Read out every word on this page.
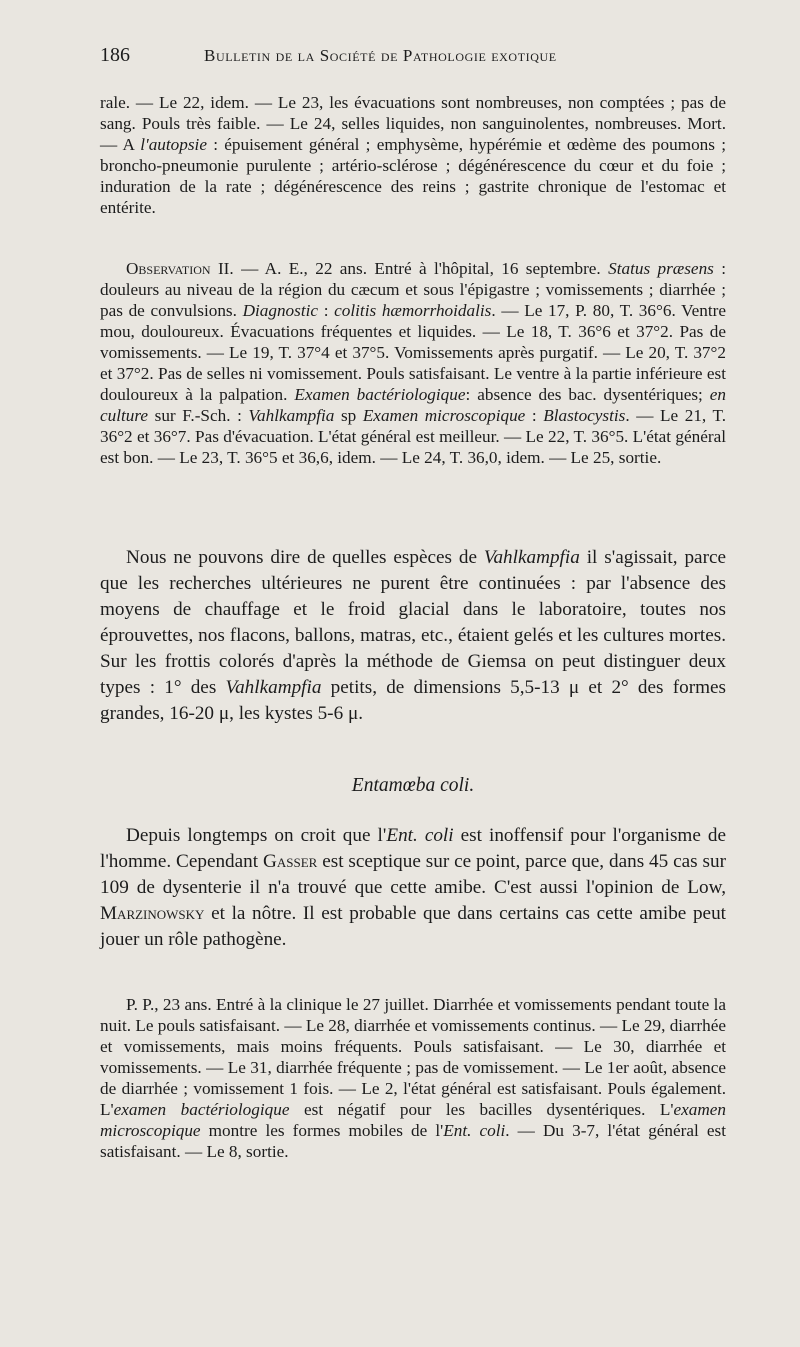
186	Bulletin de la Société de Pathologie exotique

rale. — Le 22, idem. — Le 23, les évacuations sont nombreuses, non comptées ; pas de sang. Pouls très faible. — Le 24, selles liquides, non sanguinolentes, nombreuses. Mort. — A l'autopsie : épuisement général ; emphysème, hypérémie et œdème des poumons ; broncho-pneumonie purulente ; artério-sclérose ; dégénérescence du cœur et du foie ; induration de la rate ; dégénérescence des reins ; gastrite chronique de l'estomac et entérite.

Observation II. — A. E., 22 ans. Entré à l'hôpital, 16 septembre. Status præsens : douleurs au niveau de la région du cæcum et sous l'épigastre ; vomissements ; diarrhée ; pas de convulsions. Diagnostic : colitis hæmorrhoidalis. — Le 17, P. 80, T. 36°6. Ventre mou, douloureux. Évacuations fréquentes et liquides. — Le 18, T. 36°6 et 37°2. Pas de vomissements. — Le 19, T. 37°4 et 37°5. Vomissements après purgatif. — Le 20, T. 37°2 et 37°2. Pas de selles ni vomissement. Pouls satisfaisant. Le ventre à la partie inférieure est douloureux à la palpation. Examen bactériologique: absence des bac. dysentériques; en culture sur F.-Sch. : Vahlkampfia sp Examen microscopique : Blastocystis. — Le 21, T. 36°2 et 36°7. Pas d'évacuation. L'état général est meilleur. — Le 22, T. 36°5. L'état général est bon. — Le 23, T. 36°5 et 36,6, idem. — Le 24, T. 36,0, idem. — Le 25, sortie.

Nous ne pouvons dire de quelles espèces de Vahlkampfia il s'agissait, parce que les recherches ultérieures ne purent être continuées : par l'absence des moyens de chauffage et le froid glacial dans le laboratoire, toutes nos éprouvettes, nos flacons, ballons, matras, etc., étaient gelés et les cultures mortes. Sur les frottis colorés d'après la méthode de Giemsa on peut distinguer deux types : 1° des Vahlkampfia petits, de dimensions 5,5-13 μ et 2° des formes grandes, 16-20 μ, les kystes 5-6 μ.

Entamœba coli.

Depuis longtemps on croit que l'Ent. coli est inoffensif pour l'organisme de l'homme. Cependant Gasser est sceptique sur ce point, parce que, dans 45 cas sur 109 de dysenterie il n'a trouvé que cette amibe. C'est aussi l'opinion de Low, Marzinowsky et la nôtre. Il est probable que dans certains cas cette amibe peut jouer un rôle pathogène.

P. P., 23 ans. Entré à la clinique le 27 juillet. Diarrhée et vomissements pendant toute la nuit. Le pouls satisfaisant. — Le 28, diarrhée et vomissements continus. — Le 29, diarrhée et vomissements, mais moins fréquents. Pouls satisfaisant. — Le 30, diarrhée et vomissements. — Le 31, diarrhée fréquente ; pas de vomissement. — Le 1er août, absence de diarrhée ; vomissement 1 fois. — Le 2, l'état général est satisfaisant. Pouls également. L'examen bactériologique est négatif pour les bacilles dysentériques. L'examen microscopique montre les formes mobiles de l'Ent. coli. — Du 3-7, l'état général est satisfaisant. — Le 8, sortie.
